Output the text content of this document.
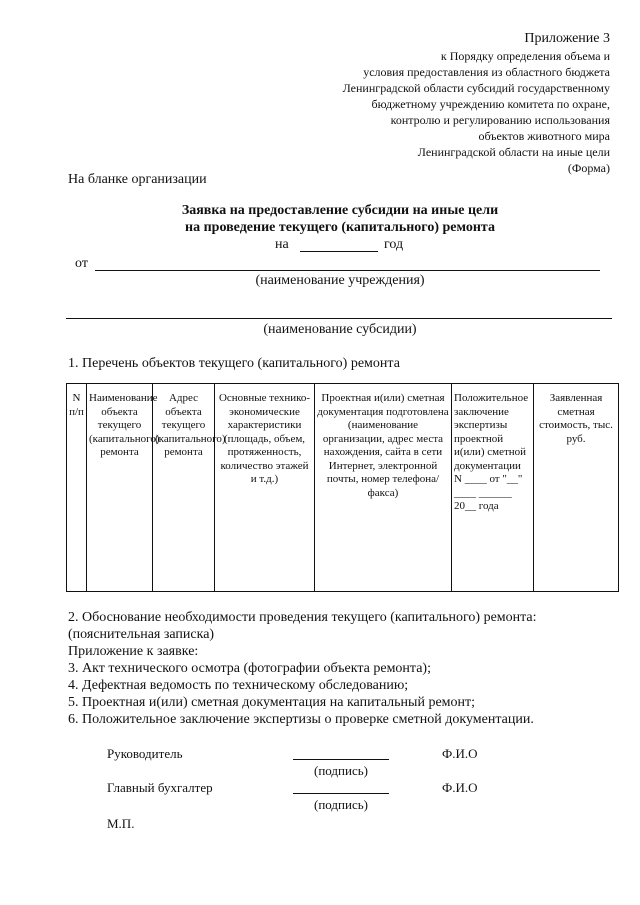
Приложение 3
к Порядку определения объема и
условия предоставления из областного бюджета
Ленинградской области субсидий государственному
бюджетному учреждению комитета по охране,
контролю и регулированию использования
объектов животного мира
Ленинградской области на иные цели
(Форма)
На бланке организации
Заявка на предоставление субсидии на иные цели
на проведение текущего (капитального) ремонта
на	год
от
(наименование учреждения)
(наименование субсидии)
1. Перечень объектов текущего (капитального) ремонта
N п/п	Наименование объекта текущего (капитального) ремонта	Адрес объекта текущего (капитального) ремонта	Основные технико-экономические характеристики (площадь, объем, протяженность, количество этажей и т.д.)	Проектная и(или) сметная документация подготовлена (наименование организации, адрес места нахождения, сайта в сети Интернет, электронной почты, номер телефона/факса)	Положительное заключение экспертизы проектной и(или) сметной документации N ____ от "__" ____ ______ 20__ года	Заявленная сметная стоимость, тыс. руб.
2. Обоснование необходимости проведения текущего (капитального) ремонта:
(пояснительная записка)
Приложение к заявке:
3. Акт технического осмотра (фотографии объекта ремонта);
4. Дефектная ведомость по техническому обследованию;
5. Проектная и(или) сметная документация на капитальный ремонт;
6. Положительное заключение экспертизы о проверке сметной документации.
Руководитель
(подпись)
Ф.И.О
Главный бухгалтер
(подпись)
Ф.И.О
М.П.
